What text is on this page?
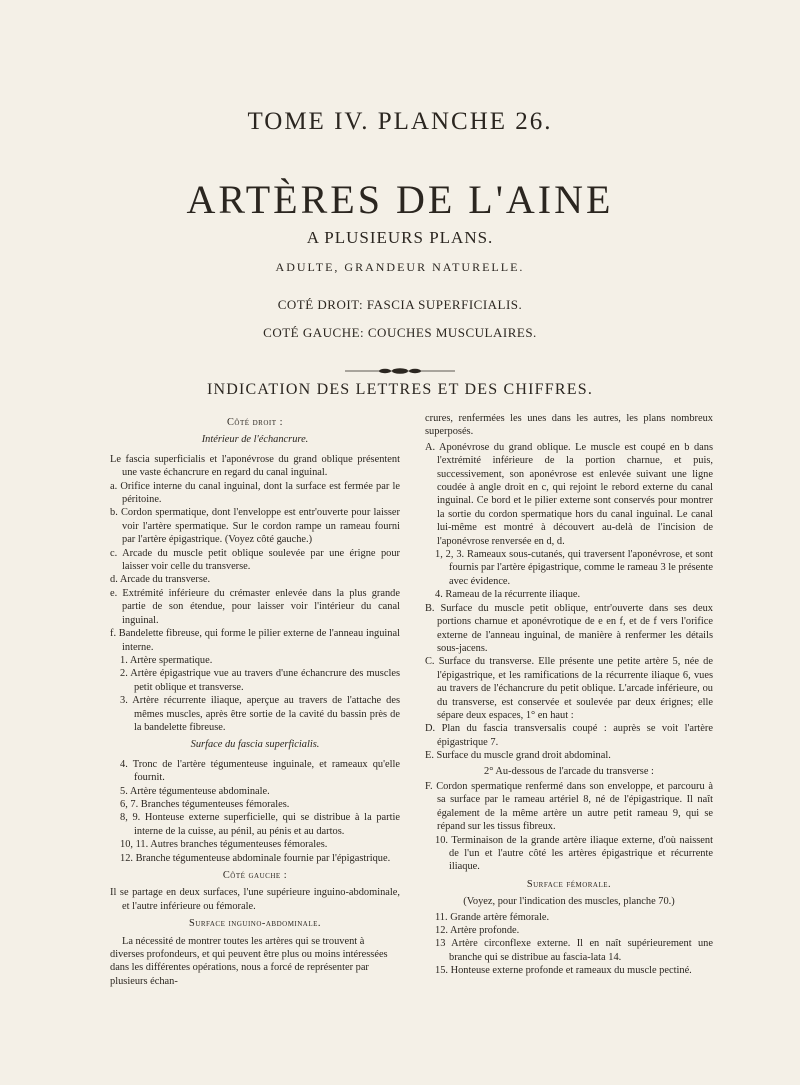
TOME IV. PLANCHE 26.
ARTÈRES DE L'AINE
A PLUSIEURS PLANS.
ADULTE, GRANDEUR NATURELLE.
COTÉ DROIT: FASCIA SUPERFICIALIS.
COTÉ GAUCHE: COUCHES MUSCULAIRES.
INDICATION DES LETTRES ET DES CHIFFRES.
Côté droit :
Intérieur de l'échancrure.
Le fascia superficialis et l'aponévrose du grand oblique présentent une vaste échancrure en regard du canal inguinal.
a. Orifice interne du canal inguinal, dont la surface est fermée par le péritoine.
b. Cordon spermatique, dont l'enveloppe est entr'ouverte pour laisser voir l'artère spermatique. Sur le cordon rampe un rameau fourni par l'artère épigastrique. (Voyez côté gauche.)
c. Arcade du muscle petit oblique soulevée par une érigne pour laisser voir celle du transverse.
d. Arcade du transverse.
e. Extrémité inférieure du crémaster enlevée dans la plus grande partie de son étendue, pour laisser voir l'intérieur du canal inguinal.
f. Bandelette fibreuse, qui forme le pilier externe de l'anneau inguinal interne.
1. Artère spermatique.
2. Artère épigastrique vue au travers d'une échancrure des muscles petit oblique et transverse.
3. Artère récurrente iliaque, aperçue au travers de l'attache des mêmes muscles, après être sortie de la cavité du bassin près de la bandelette fibreuse.
Surface du fascia superficialis.
4. Tronc de l'artère tégumenteuse inguinale, et rameaux qu'elle fournit.
5. Artère tégumenteuse abdominale.
6, 7. Branches tégumenteuses fémorales.
8, 9. Honteuse externe superficielle, qui se distribue à la partie interne de la cuisse, au pénil, au pénis et au dartos.
10, 11. Autres branches tégumenteuses fémorales.
12. Branche tégumenteuse abdominale fournie par l'épigastrique.
Côté gauche :
Il se partage en deux surfaces, l'une supérieure inguino-abdominale, et l'autre inférieure ou fémorale.
Surface inguino-abdominale.
La nécessité de montrer toutes les artères qui se trouvent à diverses profondeurs, et qui peuvent être plus ou moins intéressées dans les différentes opérations, nous a forcé de représenter par plusieurs échan-
crures, renfermées les unes dans les autres, les plans nombreux superposés.
A. Aponévrose du grand oblique. Le muscle est coupé en b dans l'extrémité inférieure de la portion charnue, et puis, successivement, son aponévrose est enlevée suivant une ligne coudée à angle droit en c, qui rejoint le rebord externe du canal inguinal. Ce bord et le pilier externe sont conservés pour montrer la sortie du cordon spermatique hors du canal inguinal. Le canal lui-même est montré à découvert au-delà de l'incision de l'aponévrose renversée en d, d.
1, 2, 3. Rameaux sous-cutanés, qui traversent l'aponévrose, et sont fournis par l'artère épigastrique, comme le rameau 3 le présente avec évidence.
4. Rameau de la récurrente iliaque.
B. Surface du muscle petit oblique, entr'ouverte dans ses deux portions charnue et aponévrotique de e en f, et de f vers l'orifice externe de l'anneau inguinal, de manière à renfermer les détails sous-jacens.
C. Surface du transverse. Elle présente une petite artère 5, née de l'épigastrique, et les ramifications de la récurrente iliaque 6, vues au travers de l'échancrure du petit oblique. L'arcade inférieure, ou du transverse, est conservée et soulevée par deux érignes; elle sépare deux espaces, 1° en haut :
D. Plan du fascia transversalis coupé : auprès se voit l'artère épigastrique 7.
E. Surface du muscle grand droit abdominal.
2° Au-dessous de l'arcade du transverse :
F. Cordon spermatique renfermé dans son enveloppe, et parcouru à sa surface par le rameau artériel 8, né de l'épigastrique. Il naît également de la même artère un autre petit rameau 9, qui se répand sur les tissus fibreux.
10. Terminaison de la grande artère iliaque externe, d'où naissent de l'un et l'autre côté les artères épigastrique et récurrente iliaque.
Surface fémorale.
(Voyez, pour l'indication des muscles, planche 70.)
11. Grande artère fémorale.
12. Artère profonde.
13 Artère circonflexe externe. Il en naît supérieurement une branche qui se distribue au fascia-lata 14.
15. Honteuse externe profonde et rameaux du muscle pectiné.
